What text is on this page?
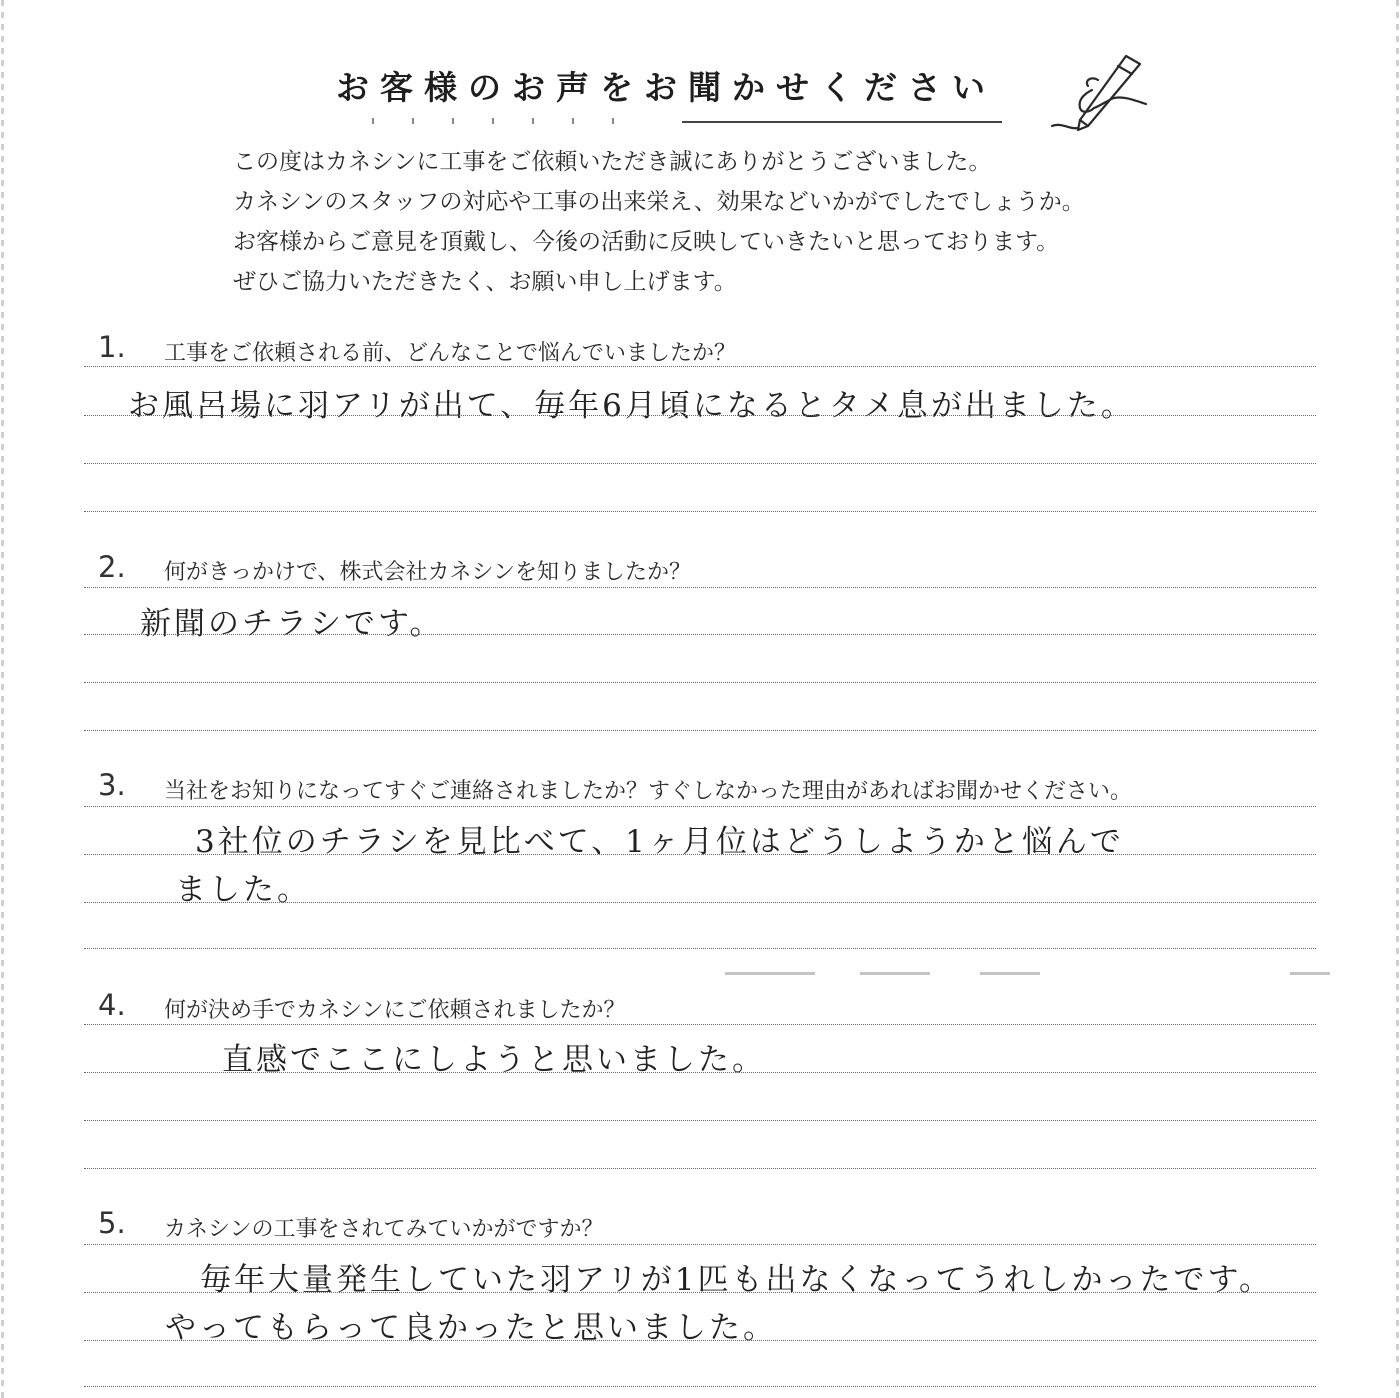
お客様のお声をお聞かせください
この度はカネシンに工事をご依頼いただき誠にありがとうございました。
カネシンのスタッフの対応や工事の出来栄え、効果などいかがでしたでしょうか。
お客様からご意見を頂戴し、今後の活動に反映していきたいと思っております。
ぜひご協力いただきたく、お願い申し上げます。
1. 工事をご依頼される前、どんなことで悩んでいましたか？
お風呂場に羽アリが出て、毎年6月頃になるとタメ息が出ました。
2. 何がきっかけで、株式会社カネシンを知りましたか？
新聞のチラシです。
3. 当社をお知りになってすぐご連絡されましたか？すぐしなかった理由があればお聞かせください。
3社位のチラシを見比べて、1ヶ月位はどうしようかと悩んで
ました。
4. 何が決め手でカネシンにご依頼されましたか？
直感でここにしようと思いました。
5. カネシンの工事をされてみていかがですか？
毎年大量発生していた羽アリが1匹も出なくなってうれしかったです。
やってもらって良かったと思いました。
